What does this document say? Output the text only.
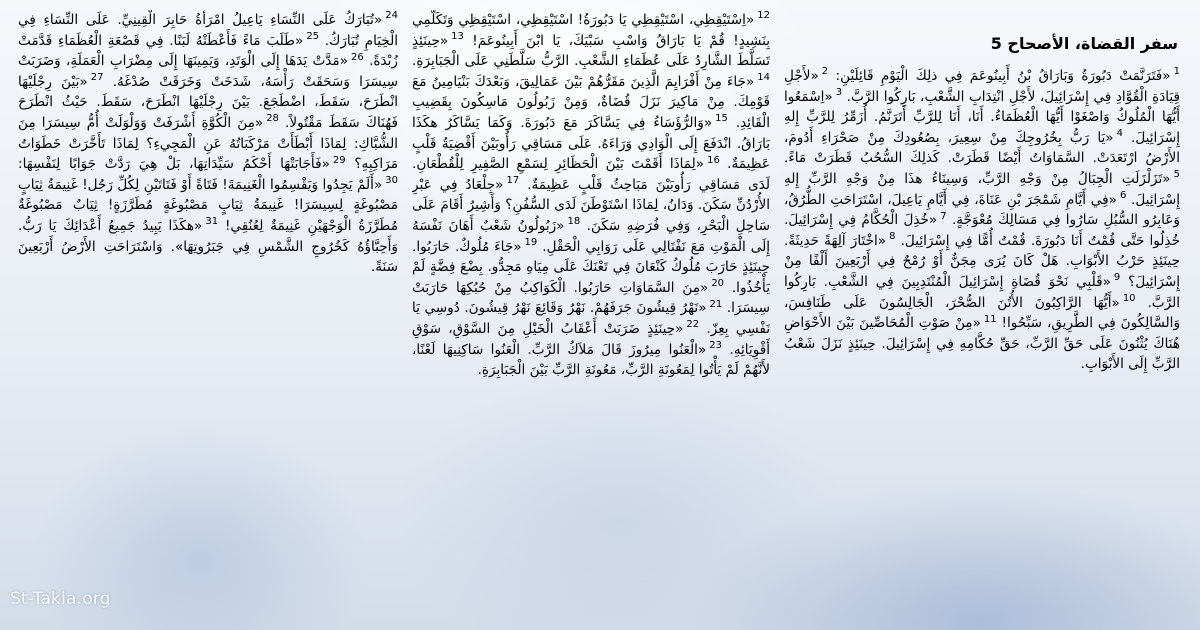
سفر القضاة، الأصحاح 5
$^1$«فَتَرَنَّمَتْ دَبُورَةُ وَبَارَاقُ بْنُ أَبِينُوعَمَ فِي ذلِكَ الْيَوْمِ قَائِلَيْنِ: $^2$«لأَجْلِ قِيَادَةِ الْقُوَّادِ فِي إِسْرَائِيلَ، لأَجْلِ انْتِدَابِ الشَّعْبِ، بَارِكُوا الرَّبَّ. $^3$«اِسْمَعُوا أَيُّهَا الْمُلُوكُ وَاصْغَوْا أَيُّهَا الْعُظَمَاءُ. أَنَا، أَنَا لِلرَّبِّ أَتَرَنَّمُ. أُزَمِّرُ لِلرَّبِّ إِلهِ إِسْرَائِيلَ. $^4$«يَا رَبُّ بِخُرُوجِكَ مِنْ سِعِيرَ، بِصُعُودِكَ مِنْ صَحْرَاءِ أَدُومَ، الأَرْضُ ارْتَعَدَتْ. السَّمَاوَاتُ أَيْضًا قَطَرَتْ. كَذلِكَ السُّحُبُ قَطَرَتْ مَاءً. $^5$«تَزَلْزَلَتِ الْجِبَالُ مِنْ وَجْهِ الرَّبِّ، وَسِينَاءُ هذَا مِنْ وَجْهِ الرَّبِّ إِلهِ إِسْرَائِيلَ. $^6$«فِي أَيَّامِ شَمْجَرَ بْنِ عَنَاةَ، فِي أَيَّامِ يَاعِيلَ، اسْتَرَاحَتِ الطُّرُقُ، وَعَابِرُو السُّبُلِ سَارُوا فِي مَسَالِكَ مُعْوَجَّةٍ. $^7$«خُذِلَ الْحُكَّامُ فِي إِسْرَائِيلَ. خُذِلُوا حَتَّى قُمْتُ أَنَا دَبُورَةَ. قُمْتُ أُمًّا فِي إِسْرَائِيلَ. $^8$«اخْتَارَ آلِهَةً حَدِيثَةً. حِينَئِذٍ حَرْبُ الأَبْوَابِ. هَلْ كَانَ يُرَى مِجَنٌّ أَوْ رُمْحٌ فِي أَرْبَعِينَ أَلْفًا مِنْ إِسْرَائِيلَ؟ $^9$«قَلْبِي نَحْوَ قُضَاةِ إِسْرَائِيلَ الْمُنْتَدِبِينَ فِي الشَّعْبِ. بَارِكُوا الرَّبَّ. $^{10}$«أَيُّهَا الرَّاكِبُونَ الأُتُنَ الصُّحْرَ، الْجَالِسُونَ عَلَى طَنَافِسَ، وَالسَّالِكُونَ فِي الطَّرِيقِ، سَبِّحُوا! $^{11}$«مِنْ صَوْتِ الْمُحَاصِّينَ بَيْنَ الأَحْوَاضِ هُنَاكَ يُثْنُونَ عَلَى حَقِّ الرَّبِّ، حَقِّ حُكَّامِهِ فِي إِسْرَائِيلَ. حِينَئِذٍ نَزَلَ شَعْبُ الرَّبِّ إِلَى الأَبْوَابِ.
$^{12}$«اِسْتَيْقِظِي، اسْتَيْقِظِي يَا دَبُورَةُ! اسْتَيْقِظِي، اسْتَيْقِظِي وَتَكَلَّمِي بِنَشِيدٍ! قُمْ يَا بَارَاقُ وَاسْبِ سَبْيَكَ، يَا ابْنَ أَبِينُوعَمَ! $^{13}$«حِينَئِذٍ تَسَلَّطَ الشَّارِدُ عَلَى عُظَمَاءِ الشَّعْبِ. الرَّبُّ سَلَّطَنِي عَلَى الْجَبَابِرَةِ. $^{14}$«جَاءَ مِنْ أَفْرَايِمَ الَّذِينَ مَقَرُّهُمْ بَيْنَ عَمَالِيقَ، وَبَعْدَكَ بَنْيَامِينُ مَعَ قَوْمِكَ. مِنْ مَاكِيرَ نَزَلَ قُضَاةٌ، وَمِنْ زَبُولُونَ مَاسِكُونَ بِقَضِيبِ الْقَائِدِ. $^{15}$«وَالرُّؤَسَاءُ فِي يَسَّاكَرَ مَعَ دَبُورَةَ. وَكَمَا يَسَّاكَرُ هكَذَا بَارَاقُ. انْدَفَعَ إِلَى الْوَادِي وَرَاءَهُ. عَلَى مَسَاقِي رَأُوبَيْنَ أَقْضِيَةُ قَلْبٍ عَظِيمَةٌ. $^{16}$«لِمَاذَا أَقَمْتَ بَيْنَ الْحَظَائِرِ لِسَمْعِ الصَّفِيرِ لِلْقُطْعَانِ. لَدَى مَسَاقِي رَأُوبَيْنَ مَبَاحِثُ قَلْبٍ عَظِيمَةٌ. $^{17}$«جِلْعَادُ فِي عَبْرِ الأُرْدُنِّ سَكَنَ. وَدَانُ، لِمَاذَا اسْتَوْطَنَ لَدَى السُّفُنِ؟ وَأَشِيرُ أَقَامَ عَلَى سَاحِلِ الْبَحْرِ، وَفِي فُرَضِهِ سَكَنَ. $^{18}$«زَبُولُونُ شَعْبٌ أَهَانَ نَفْسَهُ إِلَى الْمَوْتِ مَعَ نَفْتَالِي عَلَى رَوَابِي الْحَقْلِ. $^{19}$«جَاءَ مُلُوكٌ. حَارَبُوا. حِينَئِذٍ حَارَبَ مُلُوكُ كَنْعَانَ فِي تَعْنَكَ عَلَى مِيَاهِ مَجِدُّو. بِضْعَ فِضَّةٍ لَمْ يَأْخُذُوا. $^{20}$«مِنَ السَّمَاوَاتِ حَارَبُوا. الْكَوَاكِبُ مِنْ حُبُكِهَا حَارَبَتْ سِيسَرَا. $^{21}$«نَهْرُ قِيشُونَ جَرَفَهُمْ. نَهْرُ وَقَائِعَ نَهْرُ قِيشُونَ. دُوسِي يَا نَفْسِي بِعِزّ. $^{22}$«حِينَئِذٍ ضَرَبَتْ أَعْقَابُ الْخَيْلِ مِنَ السَّوْقِ، سَوْقِ أَقْوِيَائِهِ. $^{23}$«الْعَنُوا مِيرُوزَ قَالَ مَلاَكُ الرَّبِّ. الْعَنُوا سَاكِنِيهَا لَعْنًا، لأَنَّهُمْ لَمْ يَأْتُوا لِمَعُونَةِ الرَّبِّ، مَعُونَةِ الرَّبِّ بَيْنَ الْجَبَابِرَةِ.
$^{24}$«تُبَارَكُ عَلَى النِّسَاءِ يَاعِيلُ امْرَأَةُ حَابِرَ الْقِينِيِّ. عَلَى النِّسَاءِ فِي الْخِيَامِ تُبَارَكُ. $^{25}$«طَلَبَ مَاءً فَأَعْطَتْهُ لَبَنًا. فِي قَصْعَةِ الْعُظَمَاءِ قَدَّمَتْ زُبْدَةً. $^{26}$«مَدَّتْ يَدَهَا إِلَى الْوَتَدِ، وَيَمِينَهَا إِلَى مِضْرَابِ الْعَمَلَةِ، وَضَرَبَتْ سِيسَرَا وَسَحَقَتْ رَأْسَهُ، شَدَخَتْ وَخَرَقَتْ صُدْغَهُ. $^{27}$«بَيْنَ رِجْلَيْهَا انْطَرَحَ، سَقَطَ، اضْطَجَعَ. بَيْنَ رِجْلَيْهَا انْطَرَحَ، سَقَطَ. حَيْثُ انْطَرَحَ فَهُنَاكَ سَقَطَ مَقْتُولاً. $^{28}$«مِنَ الْكُوَّةِ أَشْرَفَتْ وَوَلْوَلَتْ أُمُّ سِيسَرَا مِنَ الشُّبَّاكِ: لِمَاذَا أَبْطَأَتْ مَرْكَبَاتُهُ عَنِ الْمَجِيءِ؟ لِمَاذَا تَأَخَّرَتْ خَطَوَاتُ مَرَاكِبِهِ؟ $^{29}$«فَأَجَابَتْهَا أَحْكَمُ سَيِّدَاتِهَا، بَلْ هِيَ رَدَّتْ جَوَابًا لِنَفْسِهَا: $^{30}$«أَلَمْ يَجِدُوا وَيَقْسِمُوا الْغَنِيمَةَ! فَتَاةً أَوْ فَتَاتَيْنِ لِكُلِّ رَجُل! غَنِيمَةُ ثِيَابٍ مَصْبُوغَةٍ لِسِيسَرَا! غَنِيمَةُ ثِيَابٍ مَصْبُوغَةٍ مُطَرَّزَةٍ! ثِيَابٌ مَصْبُوغَةٌ مُطَرَّزَةُ الْوَجْهَيْنِ غَنِيمَةٌ لِعُنُقِي! $^{31}$«هكَذَا يَبِيدُ جَمِيعُ أَعْدَائِكَ يَا رَبُّ. وَأَحِبَّاؤُهُ كَخُرُوجِ الشَّمْسِ فِي جَبَرُوتِهَا». وَاسْتَرَاحَتِ الأَرْضُ أَرْبَعِينَ سَنَةً.
St-Takla.org
